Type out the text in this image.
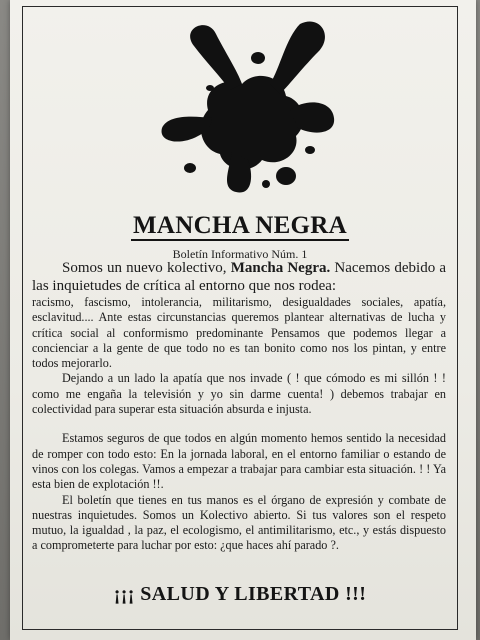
MANCHA NEGRA
Boletín Informativo Núm. 1

Somos un nuevo kolectivo, Mancha Negra. Nacemos debido a las inquietudes de crítica al entorno que nos rodea:

racismo, fascismo, intolerancia, militarismo, desigualdades sociales, apatía, esclavitud.... Ante estas circunstancias queremos plantear alternativas de lucha y crítica social al conformismo predominante Pensamos que podemos llegar a concienciar a la gente de que todo no es tan bonito como nos los pintan, y entre todos mejorarlo.

Dejando a un lado la apatía que nos invade ( ! que cómodo es mi sillón ! ! como me engaña la televisión y yo sin darme cuenta! ) debemos trabajar en colectividad para superar esta situación absurda e injusta.

Estamos seguros de que todos en algún momento hemos sentido la necesidad de romper con todo esto: En la jornada laboral, en el entorno familiar o estando de vinos con los colegas. Vamos a empezar a trabajar para cambiar esta situación. ! ! Ya esta bien de explotación !!.

El boletín que tienes en tus manos es el órgano de expresión y combate de nuestras inquietudes. Somos un Kolectivo abierto. Si tus valores son el respeto mutuo, la igualdad , la paz, el ecologismo, el antimilitarismo, etc., y estás dispuesto a comprometerte para luchar por esto: ¿que haces ahí parado ?.

¡¡¡ SALUD Y LIBERTAD !!!
